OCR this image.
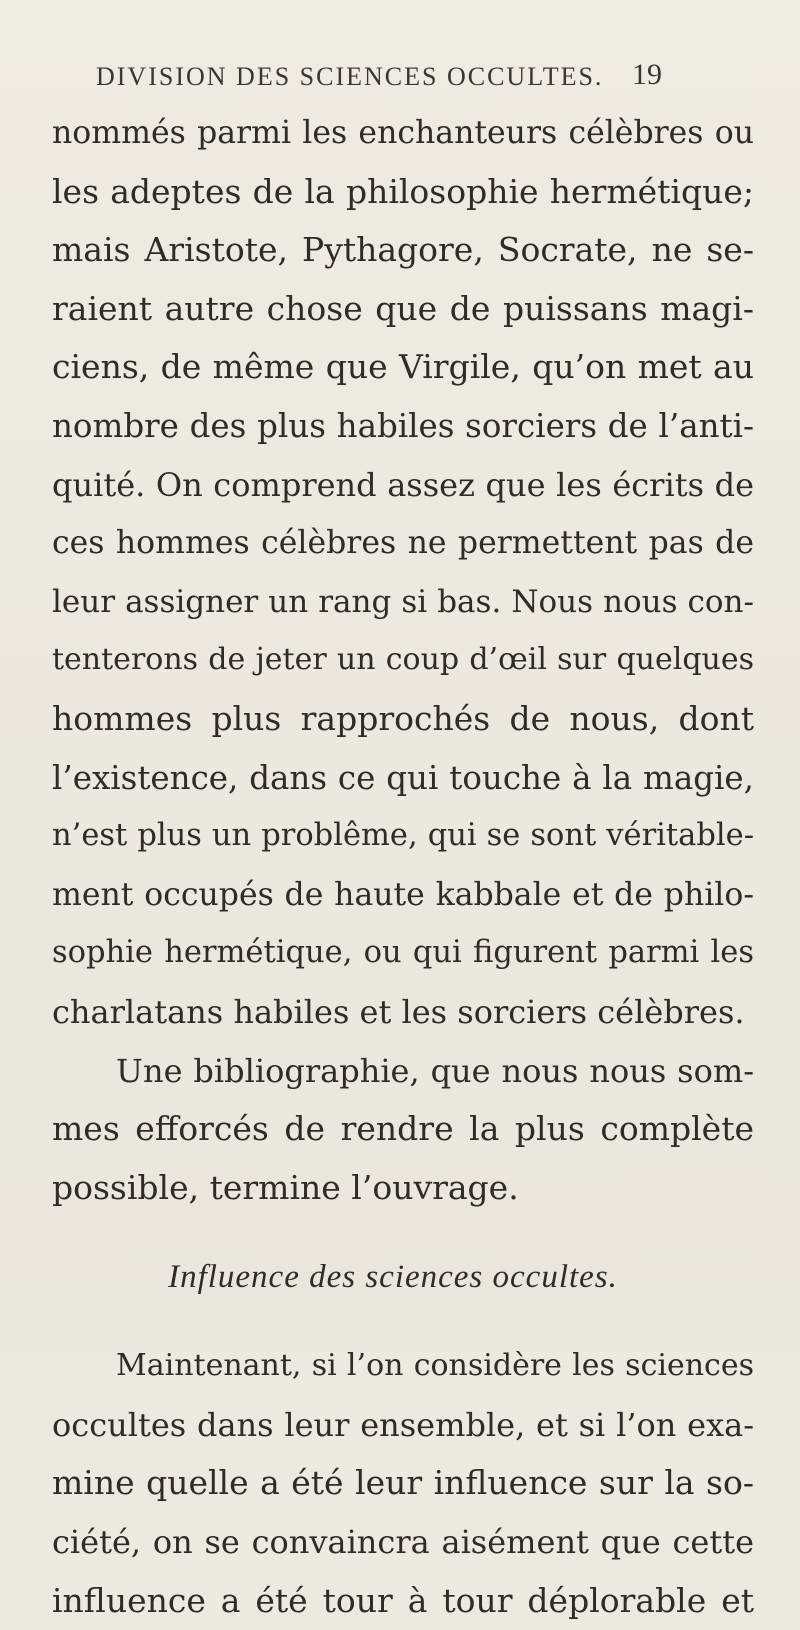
DIVISION DES SCIENCES OCCULTES. 19
nommés parmi les enchanteurs célèbres ou
les adeptes de la philosophie hermétique;
mais Aristote, Pythagore, Socrate, ne se-
raient autre chose que de puissans magi-
ciens, de même que Virgile, qu’on met au
nombre des plus habiles sorciers de l’anti-
quité. On comprend assez que les écrits de
ces hommes célèbres ne permettent pas de
leur assigner un rang si bas. Nous nous con-
tenterons de jeter un coup d’œil sur quelques
hommes plus rapprochés de nous, dont
l’existence, dans ce qui touche à la magie,
n’est plus un problême, qui se sont véritable-
ment occupés de haute kabbale et de philo-
sophie hermétique, ou qui figurent parmi les
charlatans habiles et les sorciers célèbres.
Une bibliographie, que nous nous som-
mes efforcés de rendre la plus complète
possible, termine l’ouvrage.
Influence des sciences occultes.
Maintenant, si l’on considère les sciences
occultes dans leur ensemble, et si l’on exa-
mine quelle a été leur influence sur la so-
ciété, on se convaincra aisément que cette
influence a été tour à tour déplorable et
